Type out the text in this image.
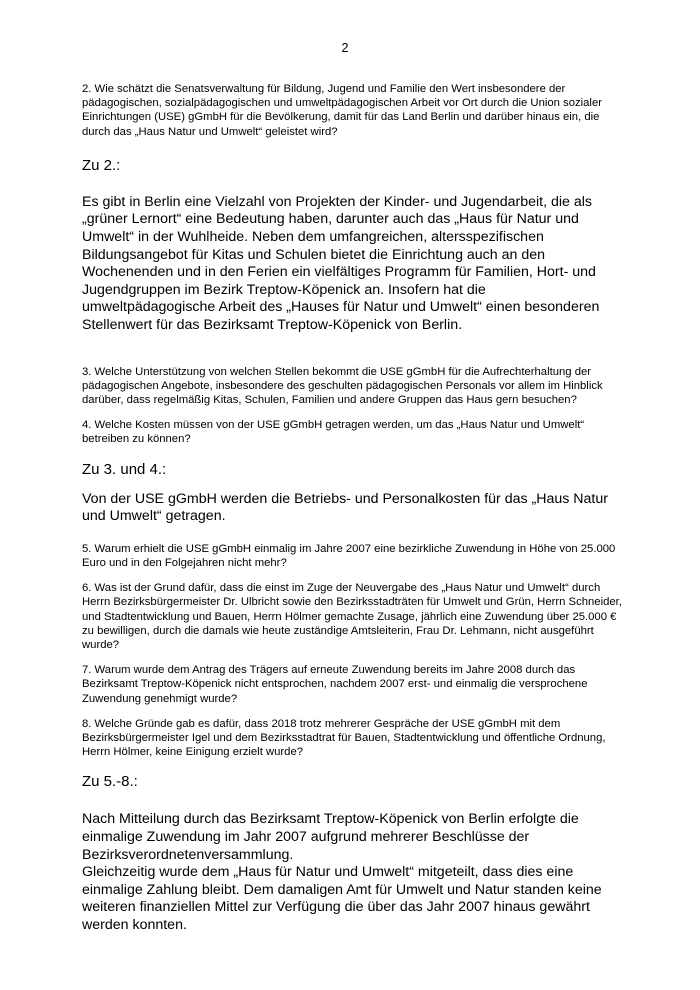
2

2. Wie schätzt die Senatsverwaltung für Bildung, Jugend und Familie den Wert insbesondere der pädagogischen, sozialpädagogischen und umweltpädagogischen Arbeit vor Ort durch die Union sozialer Einrichtungen (USE) gGmbH für die Bevölkerung, damit für das Land Berlin und darüber hinaus ein, die durch das „Haus Natur und Umwelt“ geleistet wird?

Zu 2.:

Es gibt in Berlin eine Vielzahl von Projekten der Kinder- und Jugendarbeit, die als „grüner Lernort“ eine Bedeutung haben, darunter auch das „Haus für Natur und Umwelt“ in der Wuhlheide. Neben dem umfangreichen, altersspezifischen Bildungsangebot für Kitas und Schulen bietet die Einrichtung auch an den Wochenenden und in den Ferien ein vielfältiges Programm für Familien, Hort- und Jugendgruppen im Bezirk Treptow-Köpenick an. Insofern hat die umweltpädagogische Arbeit des „Hauses für Natur und Umwelt“ einen besonderen Stellenwert für das Bezirksamt Treptow-Köpenick von Berlin.

3. Welche Unterstützung von welchen Stellen bekommt die USE gGmbH für die Aufrechterhaltung der pädagogischen Angebote, insbesondere des geschulten pädagogischen Personals vor allem im Hinblick darüber, dass regelmäßig Kitas, Schulen, Familien und andere Gruppen das Haus gern besuchen?

4. Welche Kosten müssen von der USE gGmbH getragen werden, um das „Haus Natur und Umwelt“ betreiben zu können?

Zu 3. und 4.:

Von der USE gGmbH werden die Betriebs- und Personalkosten für das „Haus Natur und Umwelt“ getragen.

5. Warum erhielt die USE gGmbH einmalig im Jahre 2007 eine bezirkliche Zuwendung in Höhe von 25.000 Euro und in den Folgejahren nicht mehr?

6. Was ist der Grund dafür, dass die einst im Zuge der Neuvergabe des „Haus Natur und Umwelt“ durch Herrn Bezirksbürgermeister Dr. Ulbricht sowie den Bezirksstadträten für Umwelt und Grün, Herrn Schneider, und Stadtentwicklung und Bauen, Herrn Hölmer gemachte Zusage, jährlich eine Zuwendung über 25.000 € zu bewilligen, durch die damals wie heute zuständige Amtsleiterin, Frau Dr. Lehmann, nicht ausgeführt wurde?

7. Warum wurde dem Antrag des Trägers auf erneute Zuwendung bereits im Jahre 2008 durch das Bezirksamt Treptow-Köpenick nicht entsprochen, nachdem 2007 erst- und einmalig die versprochene Zuwendung genehmigt wurde?

8. Welche Gründe gab es dafür, dass 2018 trotz mehrerer Gespräche der USE gGmbH mit dem Bezirksbürgermeister Igel und dem Bezirksstadtrat für Bauen, Stadtentwicklung und öffentliche Ordnung, Herrn Hölmer, keine Einigung erzielt wurde?

Zu 5.-8.:

Nach Mitteilung durch das Bezirksamt Treptow-Köpenick von Berlin erfolgte die einmalige Zuwendung im Jahr 2007 aufgrund mehrerer Beschlüsse der Bezirksverordnetenversammlung.

Gleichzeitig wurde dem „Haus für Natur und Umwelt“ mitgeteilt, dass dies eine einmalige Zahlung bleibt. Dem damaligen Amt für Umwelt und Natur standen keine weiteren finanziellen Mittel zur Verfügung die über das Jahr 2007 hinaus gewährt werden konnten.
